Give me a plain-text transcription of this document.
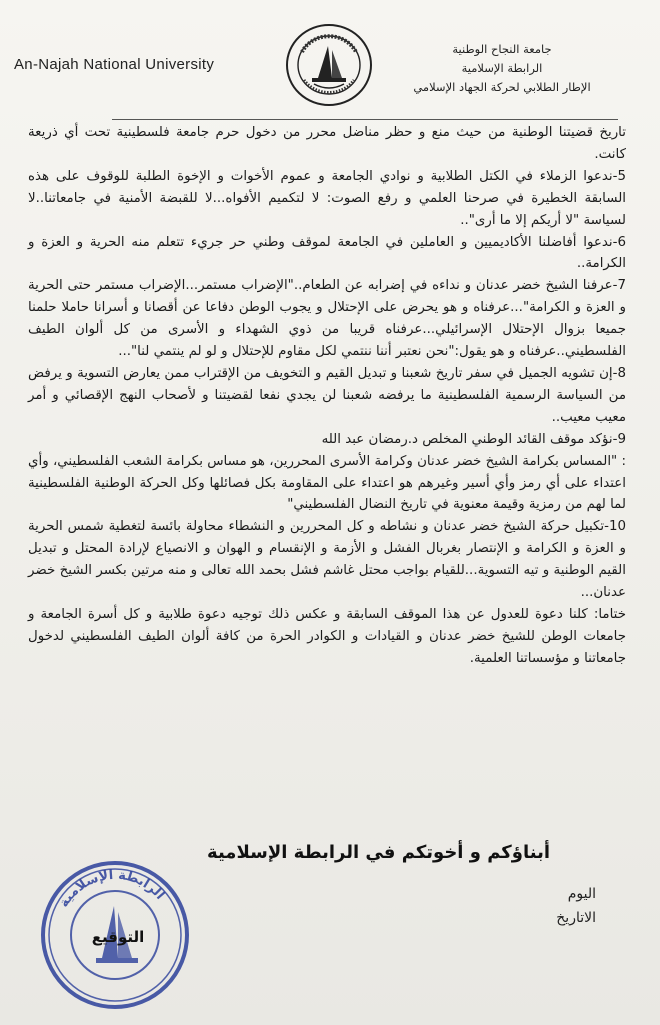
An-Najah National University
جامعة النجاح الوطنية
الرابطة الإسلامية
الإطار الطلابي لحركة الجهاد الإسلامي

تاريخ قضيتنا الوطنية من حيث منع و حظر مناضل محرر من دخول حرم جامعة فلسطينية تحت أي ذريعة كانت.

5-ندعوا الزملاء في الكتل الطلابية و نوادي الجامعة و عموم الأخوات و الإخوة الطلبة للوقوف على هذه السابقة الخطيرة في صرحنا العلمي و رفع الصوت: لا لتكميم الأفواه...لا للقبضة الأمنية في جامعاتنا..لا لسياسة "لا أريكم إلا ما أرى"..

6-ندعوا أفاضلنا الأكاديميين و العاملين في الجامعة لموقف وطني حر جريء تتعلم منه الحرية و العزة و الكرامة..

7-عرفنا الشيخ خضر عدنان و نداءه في إضرابه عن الطعام.."الإضراب مستمر...الإضراب مستمر حتى الحرية و العزة و الكرامة"...عرفناه و هو يحرض على الإحتلال و يجوب الوطن دفاعا عن أقصانا و أسرانا حاملا حلمنا جميعا بزوال الإحتلال الإسرائيلي...عرفناه قريبا من ذوي الشهداء و الأسرى من كل ألوان الطيف الفلسطيني..عرفناه و هو يقول:"نحن نعتبر أننا ننتمي لكل مقاوم للإحتلال و لو لم ينتمي لنا"...

8-إن تشويه الجميل في سفر تاريخ شعبنا و تبديل القيم و التخويف من الإقتراب ممن يعارض التسوية و يرفض من السياسة الرسمية الفلسطينية ما يرفضه شعبنا لن يجدي نفعا لقضيتنا و لأصحاب النهج الإقصائي و أمر معيب معيب..

9-نؤكد موقف القائد الوطني المخلص د.رمضان عبد الله

: "المساس بكرامة الشيخ خضر عدنان وكرامة الأسرى المحررين، هو مساس بكرامة الشعب الفلسطيني، وأي اعتداء على أي رمز وأي أسير وغيرهم هو اعتداء على المقاومة بكل فصائلها وكل الحركة الوطنية الفلسطينية لما لهم من رمزية وقيمة معنوية في تاريخ النضال الفلسطيني"

10-تكبيل حركة الشيخ خضر عدنان و نشاطه و كل المحررين و النشطاء محاولة بائسة لتغطية شمس الحرية و العزة و الكرامة و الإنتصار بغربال الفشل و الأزمة و الإنقسام و الهوان و الانصياع لإرادة المحتل و تبديل القيم الوطنية و تيه التسوية...للقيام بواجب محتل غاشم فشل بحمد الله تعالى و منه مرتين بكسر الشيخ خضر عدنان...

ختاما: كلنا دعوة للعدول عن هذا الموقف السابقة و عكس ذلك توجيه دعوة طلابية و كل أسرة الجامعة و جامعات الوطن للشيخ خضر عدنان و القيادات و الكوادر الحرة من كافة ألوان الطيف الفلسطيني لدخول جامعاتنا و مؤسساتنا العلمية.

أبناؤكم و أخوتكم في الرابطة الإسلامية
اليوم
الاتاريخ
الرابطة الإسلامية
التوقيع
